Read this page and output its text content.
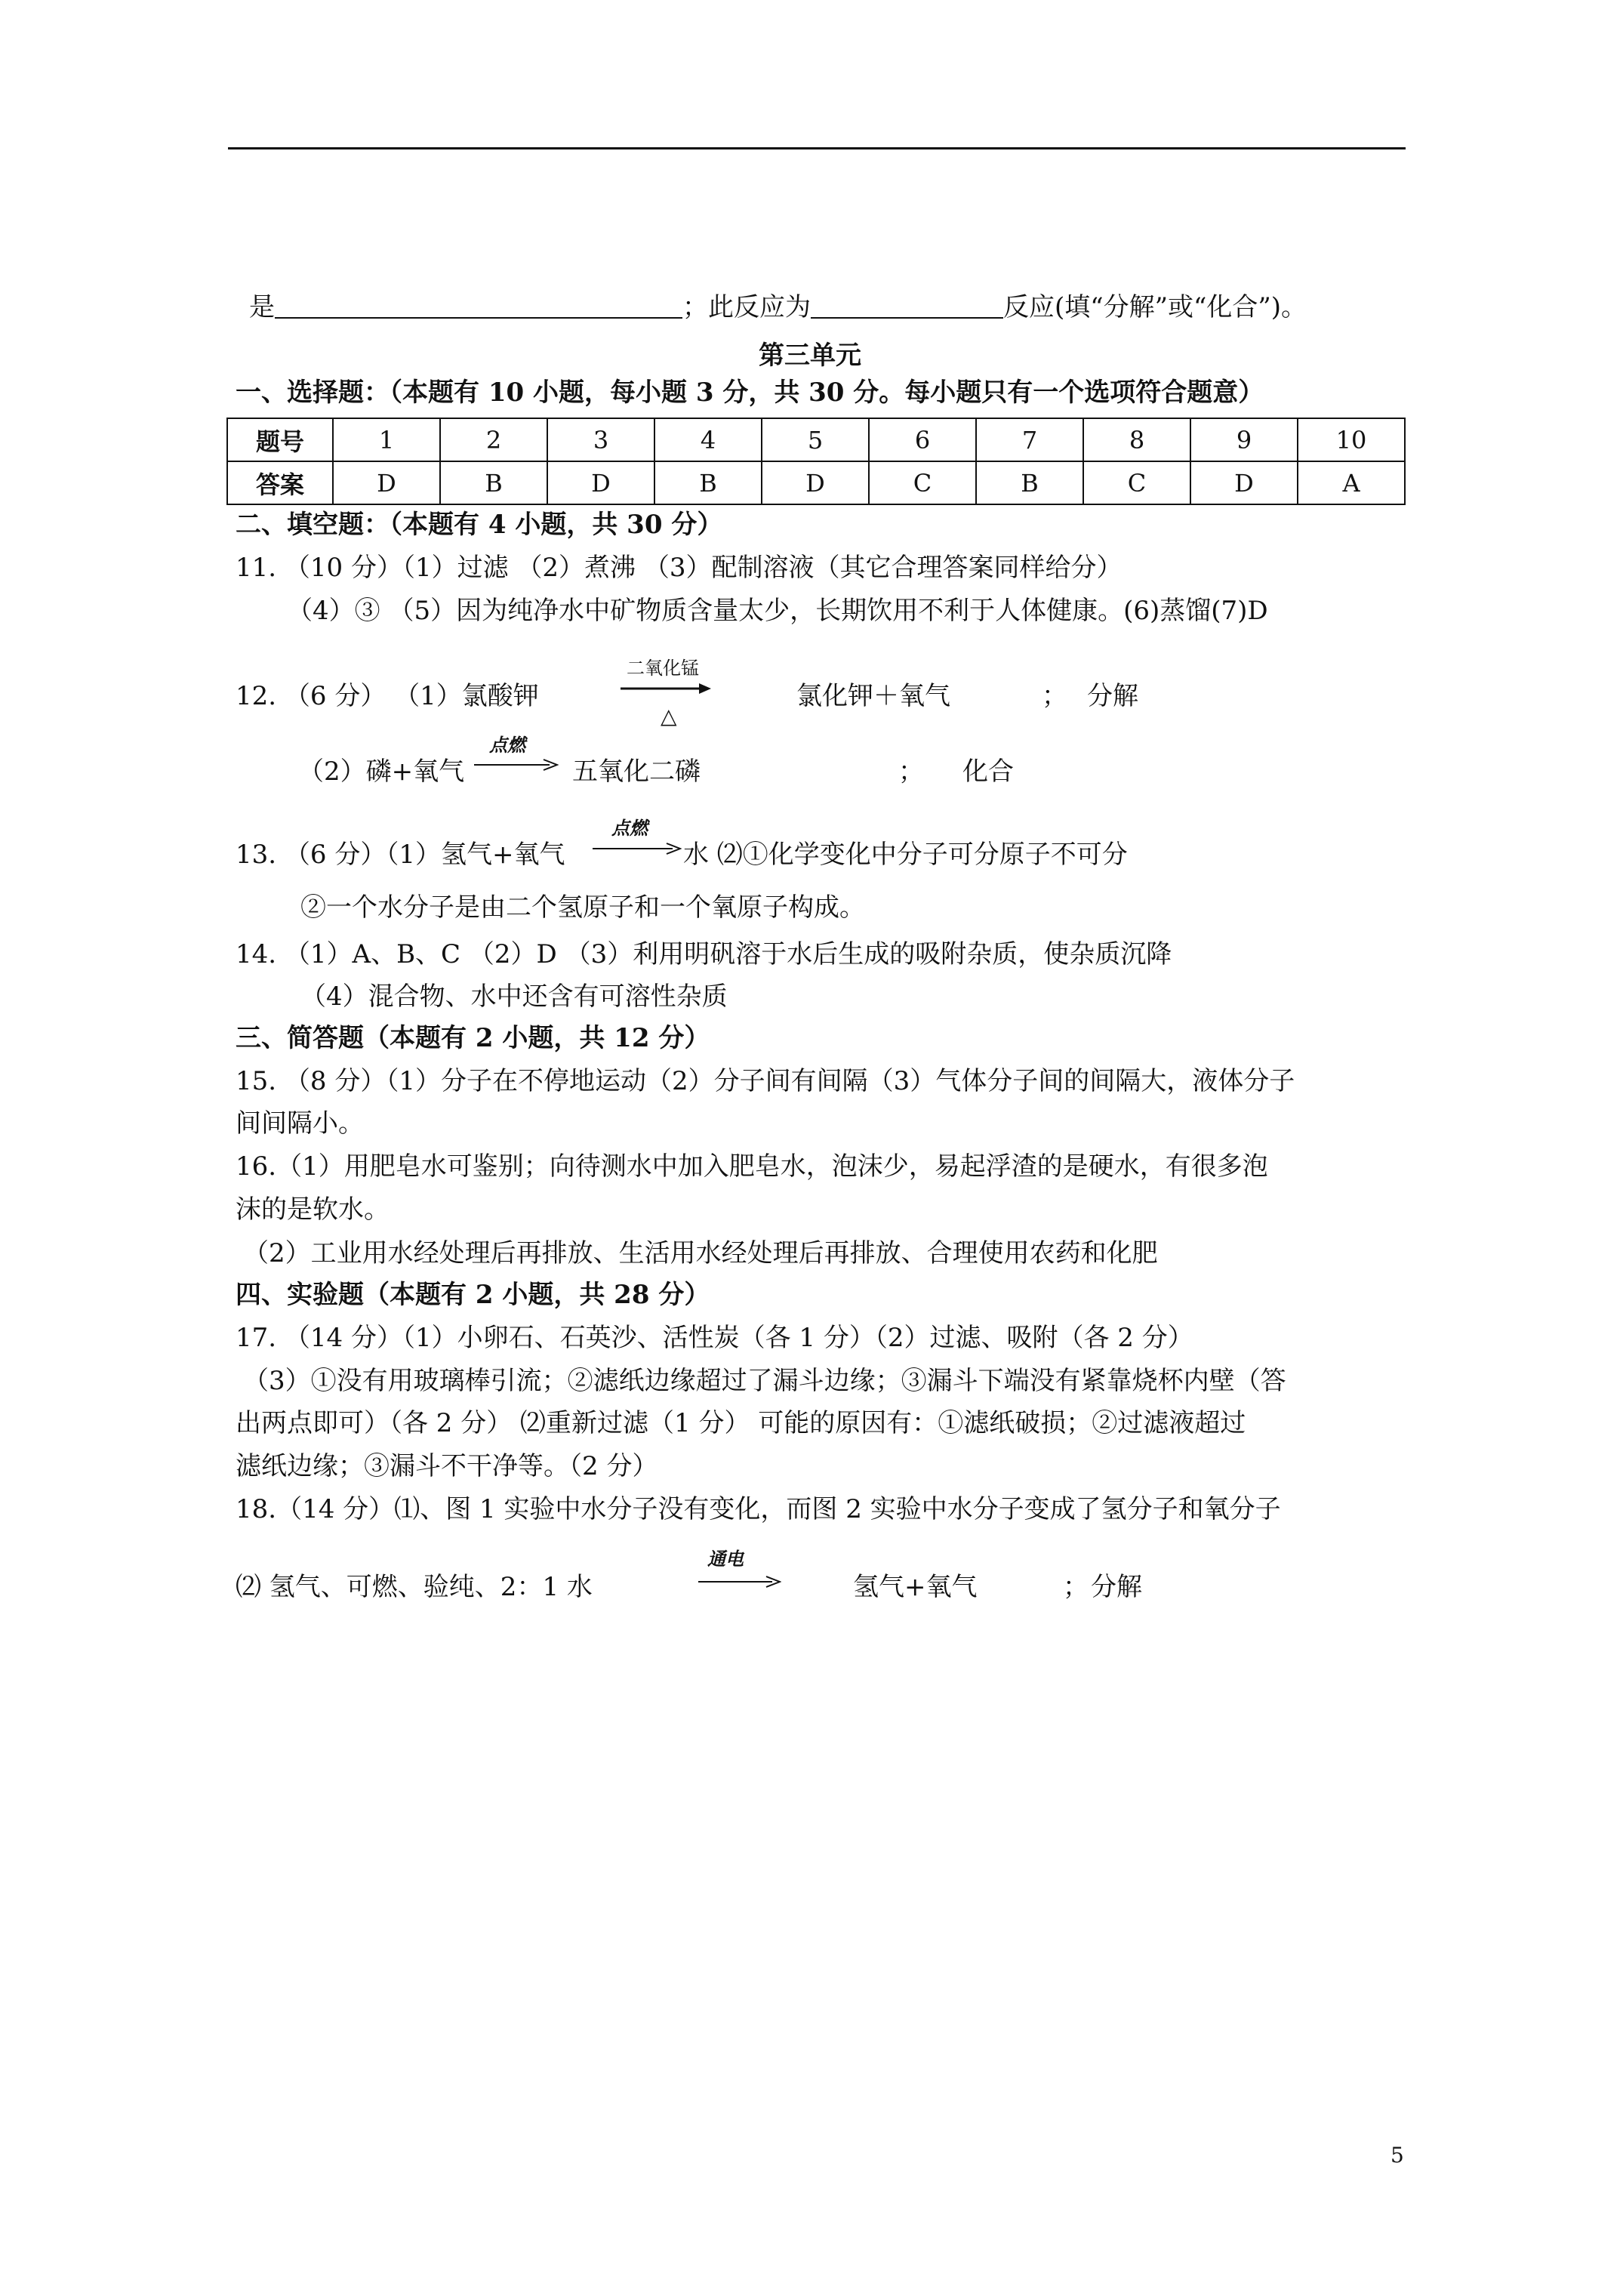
是	；此反应为	反应(填“分解”或“化合”)。
第三单元
一、选择题：（本题有 10 小题，每小题 3 分，共 30 分。每小题只有一个选项符合题意）
题号	1	2	3	4	5	6	7	8	9	10
答案	D	B	D	B	D	C	B	C	D	A
二、填空题：（本题有 4 小题，共 30 分）
11. （10 分）（1）过滤 （2）煮沸 （3）配制溶液（其它合理答案同样给分）
（4）③ （5）因为纯净水中矿物质含量太少，长期饮用不利于人体健康。(6)蒸馏(7)D
12. （6 分） （1）氯酸钾
二氧化锰
△
氯化钾＋氧气	； 分解
（2）磷+氧气
点燃
五氧化二磷	； 化合
13. （6 分）（1）氢气+氧气
点燃
水 ⑵①化学变化中分子可分原子不可分
②一个水分子是由二个氢原子和一个氧原子构成。
14. （1）A、B、C （2）D （3）利用明矾溶于水后生成的吸附杂质，使杂质沉降
（4）混合物、水中还含有可溶性杂质
三、简答题（本题有 2 小题，共 12 分）
15. （8 分）（1）分子在不停地运动（2）分子间有间隔（3）气体分子间的间隔大，液体分子
间间隔小。
16.（1）用肥皂水可鉴别；向待测水中加入肥皂水，泡沫少，易起浮渣的是硬水，有很多泡
沫的是软水。
（2）工业用水经处理后再排放、生活用水经处理后再排放、合理使用农药和化肥
四、实验题（本题有 2 小题，共 28 分）
17. （14 分）（1）小卵石、石英沙、活性炭（各 1 分）（2）过滤、吸附（各 2 分）
（3）①没有用玻璃棒引流；②滤纸边缘超过了漏斗边缘；③漏斗下端没有紧靠烧杯内壁（答
出两点即可）（各 2 分） ⑵重新过滤（1 分） 可能的原因有：①滤纸破损；②过滤液超过
滤纸边缘；③漏斗不干净等。（2 分）
18.（14 分）⑴、图 1 实验中水分子没有变化，而图 2 实验中水分子变成了氢分子和氧分子
⑵ 氢气、可燃、验纯、2：1 水
通电
氢气+氧气	； 分解
5
